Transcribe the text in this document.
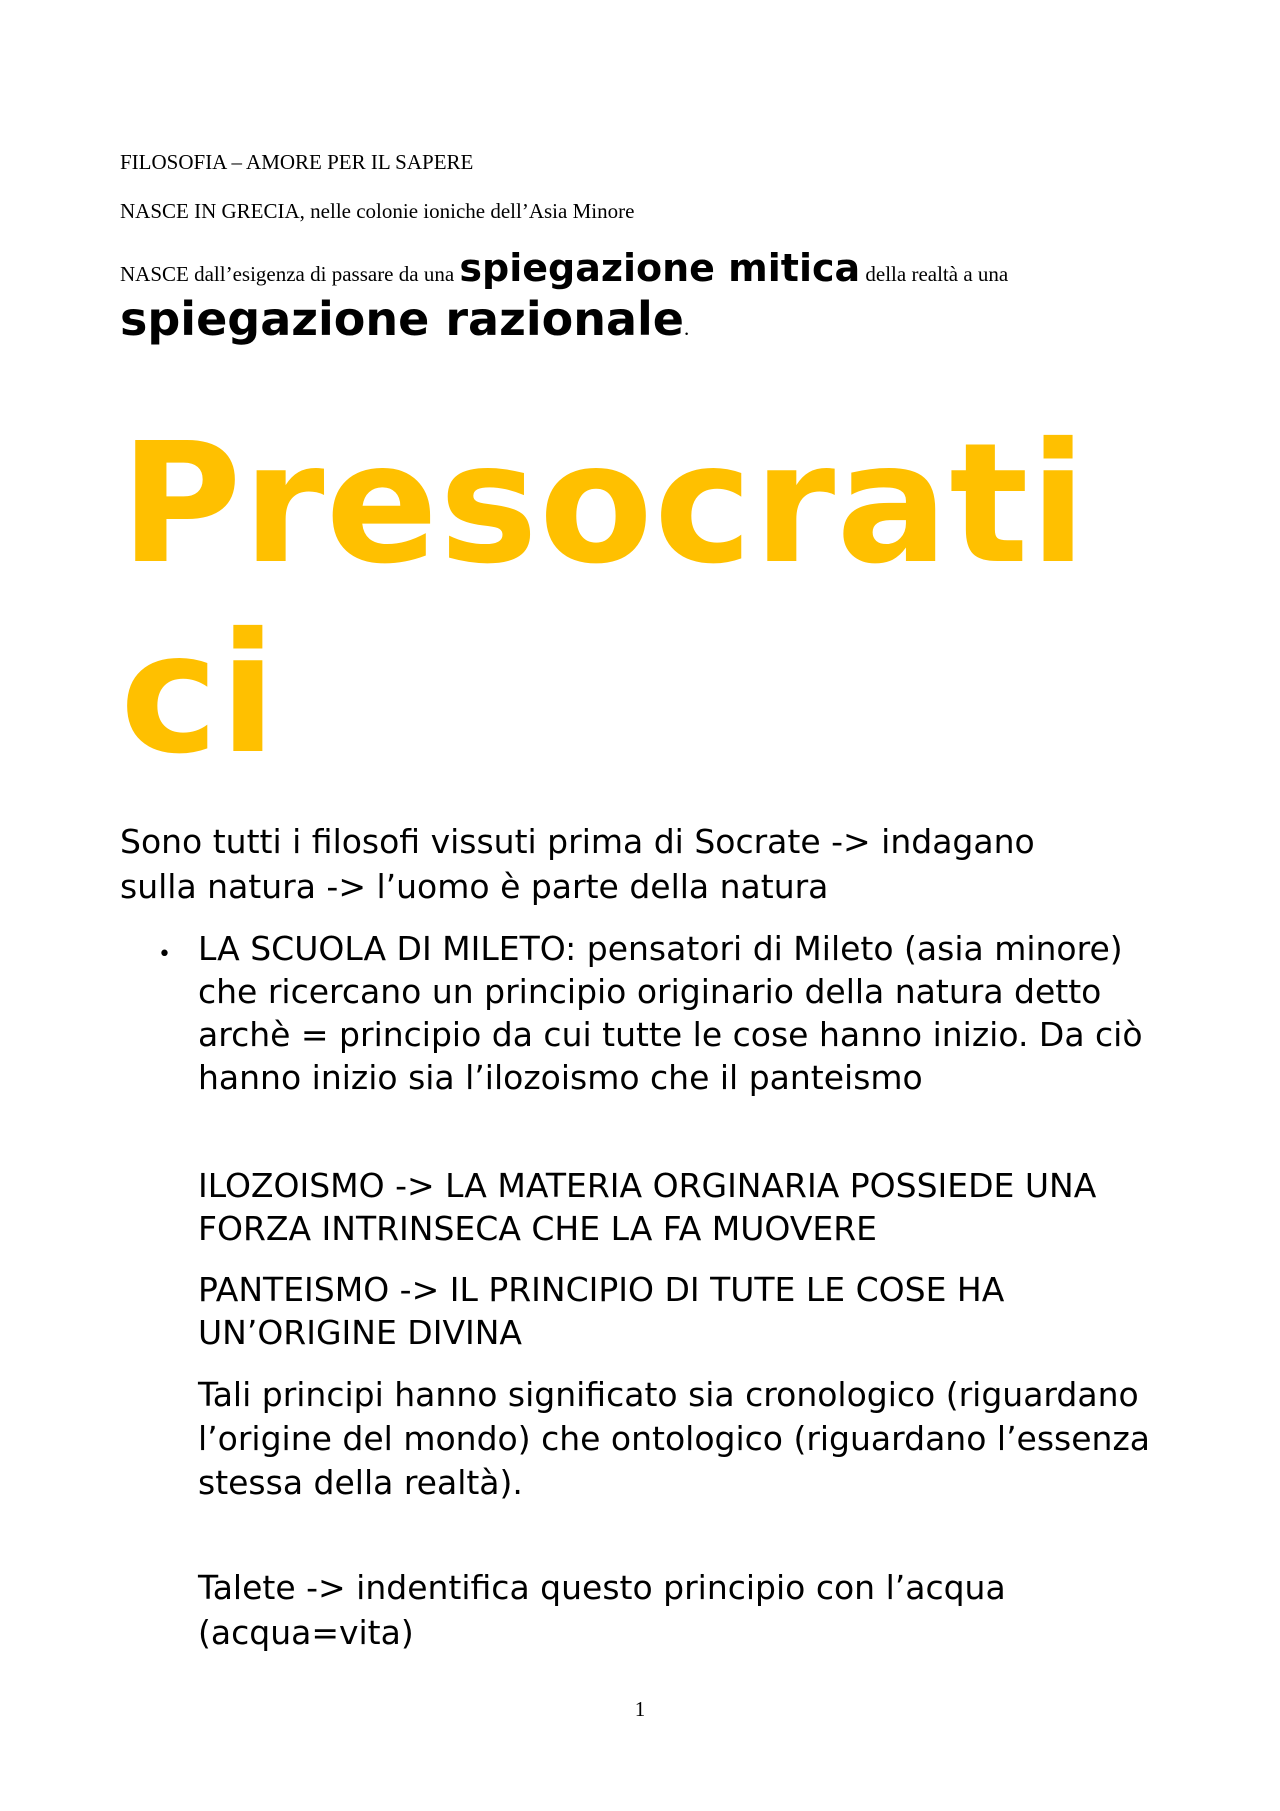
FILOSOFIA – AMORE PER IL SAPERE

NASCE IN GRECIA, nelle colonie ioniche dell’Asia Minore

NASCE dall’esigenza di passare da una spiegazione mitica della realtà a una

spiegazione razionale.

Presocratici

Sono tutti i filosofi vissuti prima di Socrate -> indagano sulla natura -> l’uomo è parte della natura

• LA SCUOLA DI MILETO: pensatori di Mileto (asia minore) che ricercano un principio originario della natura detto archè = principio da cui tutte le cose hanno inizio. Da ciò hanno inizio sia l’ilozoismo che il panteismo

ILOZOISMO -> LA MATERIA ORGINARIA POSSIEDE UNA FORZA INTRINSECA CHE LA FA MUOVERE

PANTEISMO -> IL PRINCIPIO DI TUTE LE COSE HA UN’ORIGINE DIVINA

Tali principi hanno significato sia cronologico (riguardano l’origine del mondo) che ontologico (riguardano l’essenza stessa della realtà).

Talete -> indentifica questo principio con l’acqua (acqua=vita)

1
